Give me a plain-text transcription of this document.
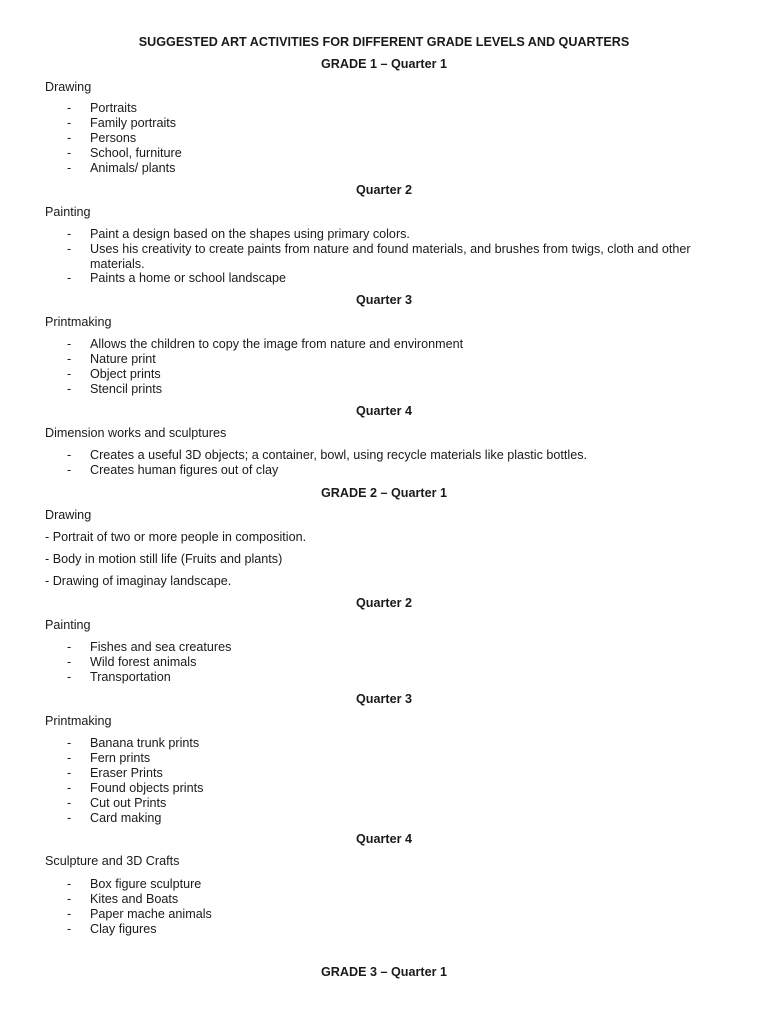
SUGGESTED ART ACTIVITIES FOR DIFFERENT GRADE LEVELS AND QUARTERS
GRADE 1 – Quarter 1
Drawing
- Portraits
- Family portraits
- Persons
- School, furniture
- Animals/ plants
Quarter 2
Painting
- Paint a design based on the shapes using primary colors.
- Uses his creativity to create paints from nature and found materials, and brushes from twigs, cloth and other materials.
- Paints a home or school landscape
Quarter 3
Printmaking
- Allows the children to copy the image from nature and environment
- Nature print
- Object prints
- Stencil prints
Quarter 4
Dimension works and sculptures
- Creates a useful 3D objects; a container, bowl, using recycle materials like plastic bottles.
- Creates human figures out of clay
GRADE 2 – Quarter 1
Drawing
- Portrait of two or more people in composition.
- Body in motion still life (Fruits and plants)
- Drawing of imaginay landscape.
Quarter 2
Painting
- Fishes and sea creatures
- Wild forest animals
- Transportation
Quarter 3
Printmaking
- Banana trunk prints
- Fern prints
- Eraser Prints
- Found objects prints
- Cut out Prints
- Card making
Quarter 4
Sculpture and 3D Crafts
- Box figure sculpture
- Kites and Boats
- Paper mache animals
- Clay figures
GRADE 3 – Quarter 1
